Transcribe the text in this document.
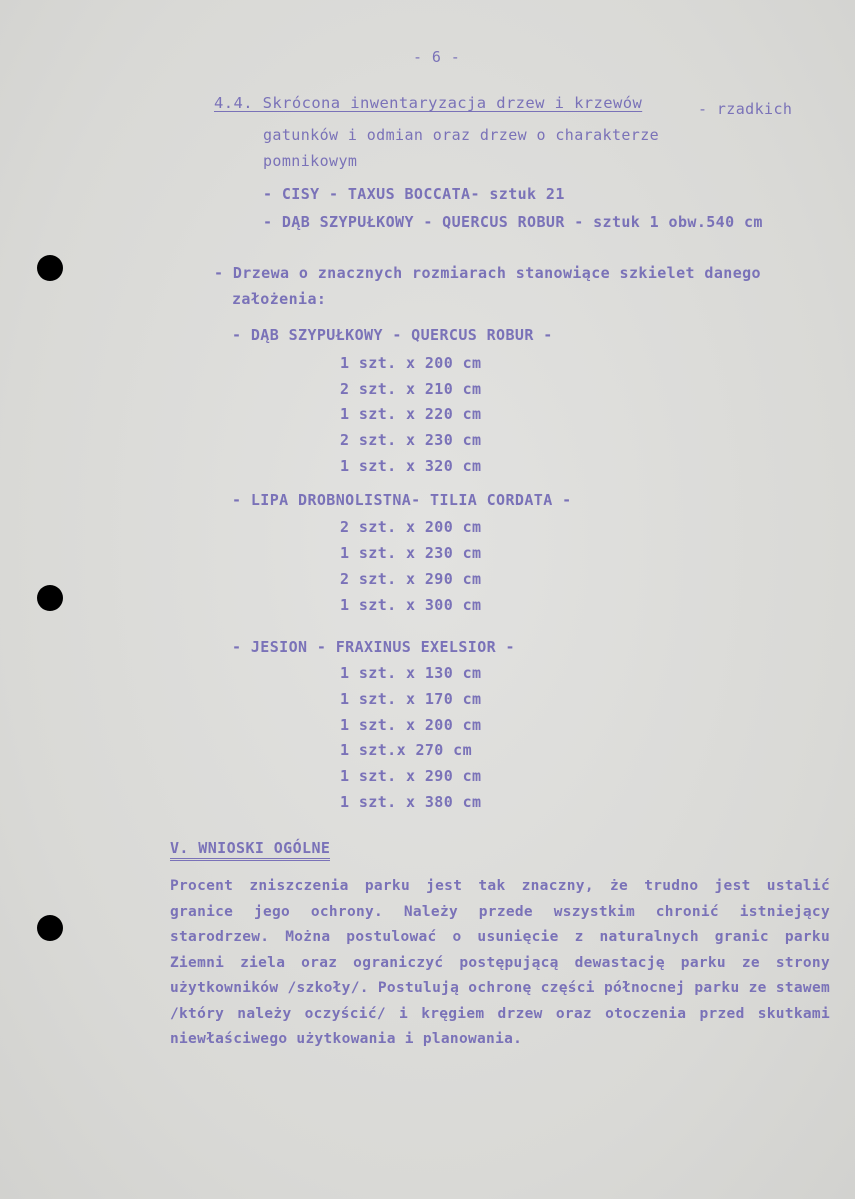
- 6 -
4.4. Skrócona inwentaryzacja drzew i krzewów	- rzadkich
gatunków i odmian oraz drzew o charakterze
pomnikowym
- CISY - TAXUS BOCCATA- sztuk 21
- DĄB SZYPUŁKOWY - QUERCUS ROBUR - sztuk 1 obw.540 cm
- Drzewa o znacznych rozmiarach stanowiące szkielet danego
założenia:
- DĄB SZYPUŁKOWY - QUERCUS ROBUR -
1 szt. x 200 cm
2 szt. x 210 cm
1 szt. x 220 cm
2 szt. x 230 cm
1 szt. x 320 cm
- LIPA DROBNOLISTNA- TILIA CORDATA -
2 szt. x 200 cm
1 szt. x 230 cm
2 szt. x 290 cm
1 szt. x 300 cm
- JESION - FRAXINUS EXELSIOR -
1 szt. x 130 cm
1 szt. x 170 cm
1 szt. x 200 cm
1 szt.x 270 cm
1 szt. x 290 cm
1 szt. x 380 cm
V. WNIOSKI OGÓLNE
Procent zniszczenia parku jest tak znaczny, że trudno jest ustalić granice jego ochrony. Należy przede wszystkim chronić istniejący starodrzew. Można postulować o usunięcie z naturalnych granic parku Ziemni ziela oraz ograniczyć postępującą dewastację parku ze strony użytkowników /szkoły/. Postulują ochronę części północnej parku ze stawem /który należy oczyścić/ i kręgiem drzew oraz otoczenia przed skutkami niewłaściwego użytkowania i planowania.
